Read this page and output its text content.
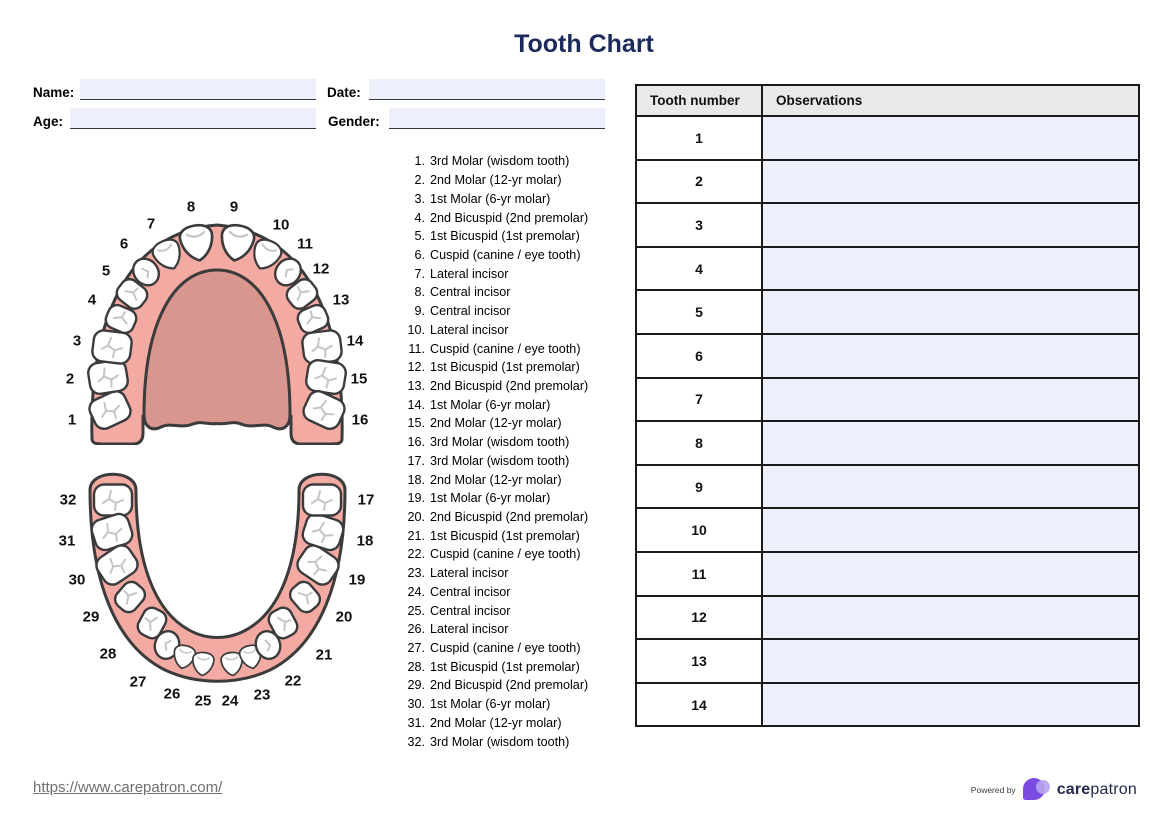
Tooth Chart
Name:	Date:
Age:	Gender:
1
2
3
4
5
6
7
8 9
10
11
12
13
14
15
16
32
31
30
29
28
27
26 25 24 23
22
21
20
19
18
17
1. 3rd Molar (wisdom tooth)
2. 2nd Molar (12-yr molar)
3. 1st Molar (6-yr molar)
4. 2nd Bicuspid (2nd premolar)
5. 1st Bicuspid (1st premolar)
6. Cuspid (canine / eye tooth)
7. Lateral incisor
8. Central incisor
9. Central incisor
10. Lateral incisor
11. Cuspid (canine / eye tooth)
12. 1st Bicuspid (1st premolar)
13. 2nd Bicuspid (2nd premolar)
14. 1st Molar (6-yr molar)
15. 2nd Molar (12-yr molar)
16. 3rd Molar (wisdom tooth)
17. 3rd Molar (wisdom tooth)
18. 2nd Molar (12-yr molar)
19. 1st Molar (6-yr molar)
20. 2nd Bicuspid (2nd premolar)
21. 1st Bicuspid (1st premolar)
22. Cuspid (canine / eye tooth)
23. Lateral incisor
24. Central incisor
25. Central incisor
26. Lateral incisor
27. Cuspid (canine / eye tooth)
28. 1st Bicuspid (1st premolar)
29. 2nd Bicuspid (2nd premolar)
30. 1st Molar (6-yr molar)
31. 2nd Molar (12-yr molar)
32. 3rd Molar (wisdom tooth)
Tooth number	Observations
1	
2	
3	
4	
5	
6	
7	
8	
9	
10	
11	
12	
13	
14	
https://www.carepatron.com/	Powered by	carepatron
